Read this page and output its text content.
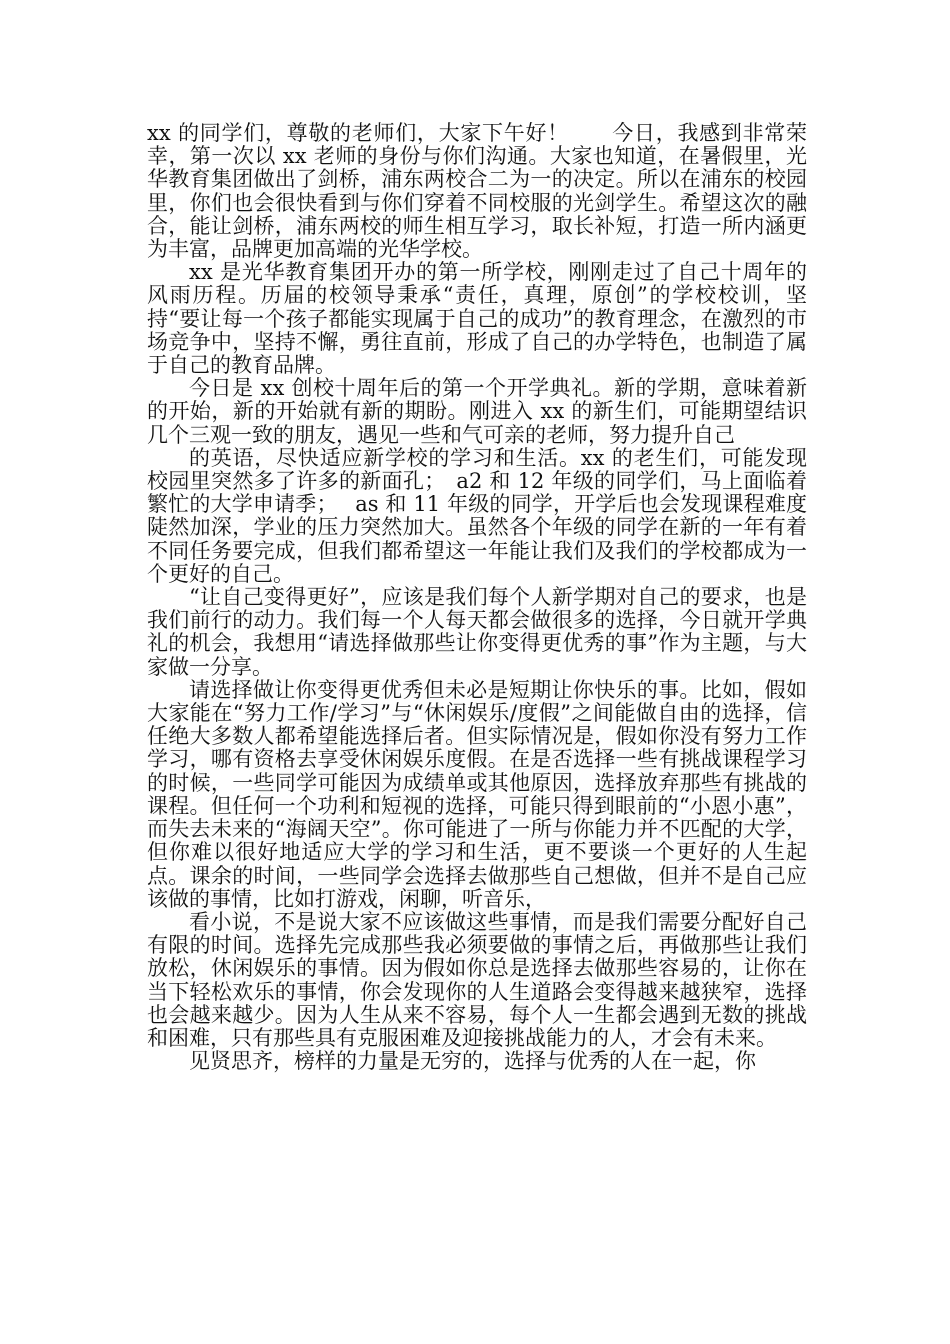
xx 的同学们，尊敬的老师们，大家下午好！　　今日，我感到非常荣幸，第一次以 xx 老师的身份与你们沟通。大家也知道，在暑假里，光华教育集团做出了剑桥，浦东两校合二为一的决定。所以在浦东的校园里，你们也会很快看到与你们穿着不同校服的光剑学生。希望这次的融合，能让剑桥，浦东两校的师生相互学习，取长补短，打造一所内涵更为丰富，品牌更加高端的光华学校。

xx 是光华教育集团开办的第一所学校，刚刚走过了自己十周年的风雨历程。历届的校领导秉承“责任，真理，原创”的学校校训，坚持“要让每一个孩子都能实现属于自己的成功”的教育理念，在激烈的市场竞争中，坚持不懈，勇往直前，形成了自己的办学特色，也制造了属于自己的教育品牌。

今日是 xx 创校十周年后的第一个开学典礼。新的学期，意味着新的开始，新的开始就有新的期盼。刚进入 xx 的新生们，可能期望结识几个三观一致的朋友，遇见一些和气可亲的老师，努力提升自己

的英语，尽快适应新学校的学习和生活。xx 的老生们，可能发现校园里突然多了许多的新面孔；　a2 和 12 年级的同学们，马上面临着繁忙的大学申请季；　 as 和 11 年级的同学，开学后也会发现课程难度陡然加深，学业的压力突然加大。虽然各个年级的同学在新的一年有着不同任务要完成，但我们都希望这一年能让我们及我们的学校都成为一个更好的自己。

“让自己变得更好”，应该是我们每个人新学期对自己的要求，也是我们前行的动力。我们每一个人每天都会做很多的选择，今日就开学典礼的机会，我想用“请选择做那些让你变得更优秀的事”作为主题，与大家做一分享。

请选择做让你变得更优秀但未必是短期让你快乐的事。比如，假如大家能在“努力工作/学习”与“休闲娱乐/度假”之间能做自由的选择，信任绝大多数人都希望能选择后者。但实际情况是，假如你没有努力工作学习，哪有资格去享受休闲娱乐度假。在是否选择一些有挑战课程学习的时候，一些同学可能因为成绩单或其他原因，选择放弃那些有挑战的课程。但任何一个功利和短视的选择，可能只得到眼前的“小恩小惠”，而失去未来的“海阔天空”。你可能进了一所与你能力并不匹配的大学，但你难以很好地适应大学的学习和生活，更不要谈一个更好的人生起点。课余的时间，一些同学会选择去做那些自己想做，但并不是自己应该做的事情，比如打游戏，闲聊，听音乐，

看小说，不是说大家不应该做这些事情，而是我们需要分配好自己有限的时间。选择先完成那些我必须要做的事情之后，再做那些让我们放松，休闲娱乐的事情。因为假如你总是选择去做那些容易的，让你在当下轻松欢乐的事情，你会发现你的人生道路会变得越来越狭窄，选择也会越来越少。因为人生从来不容易，每个人一生都会遇到无数的挑战和困难，只有那些具有克服困难及迎接挑战能力的人，才会有未来。

见贤思齐，榜样的力量是无穷的，选择与优秀的人在一起，你
